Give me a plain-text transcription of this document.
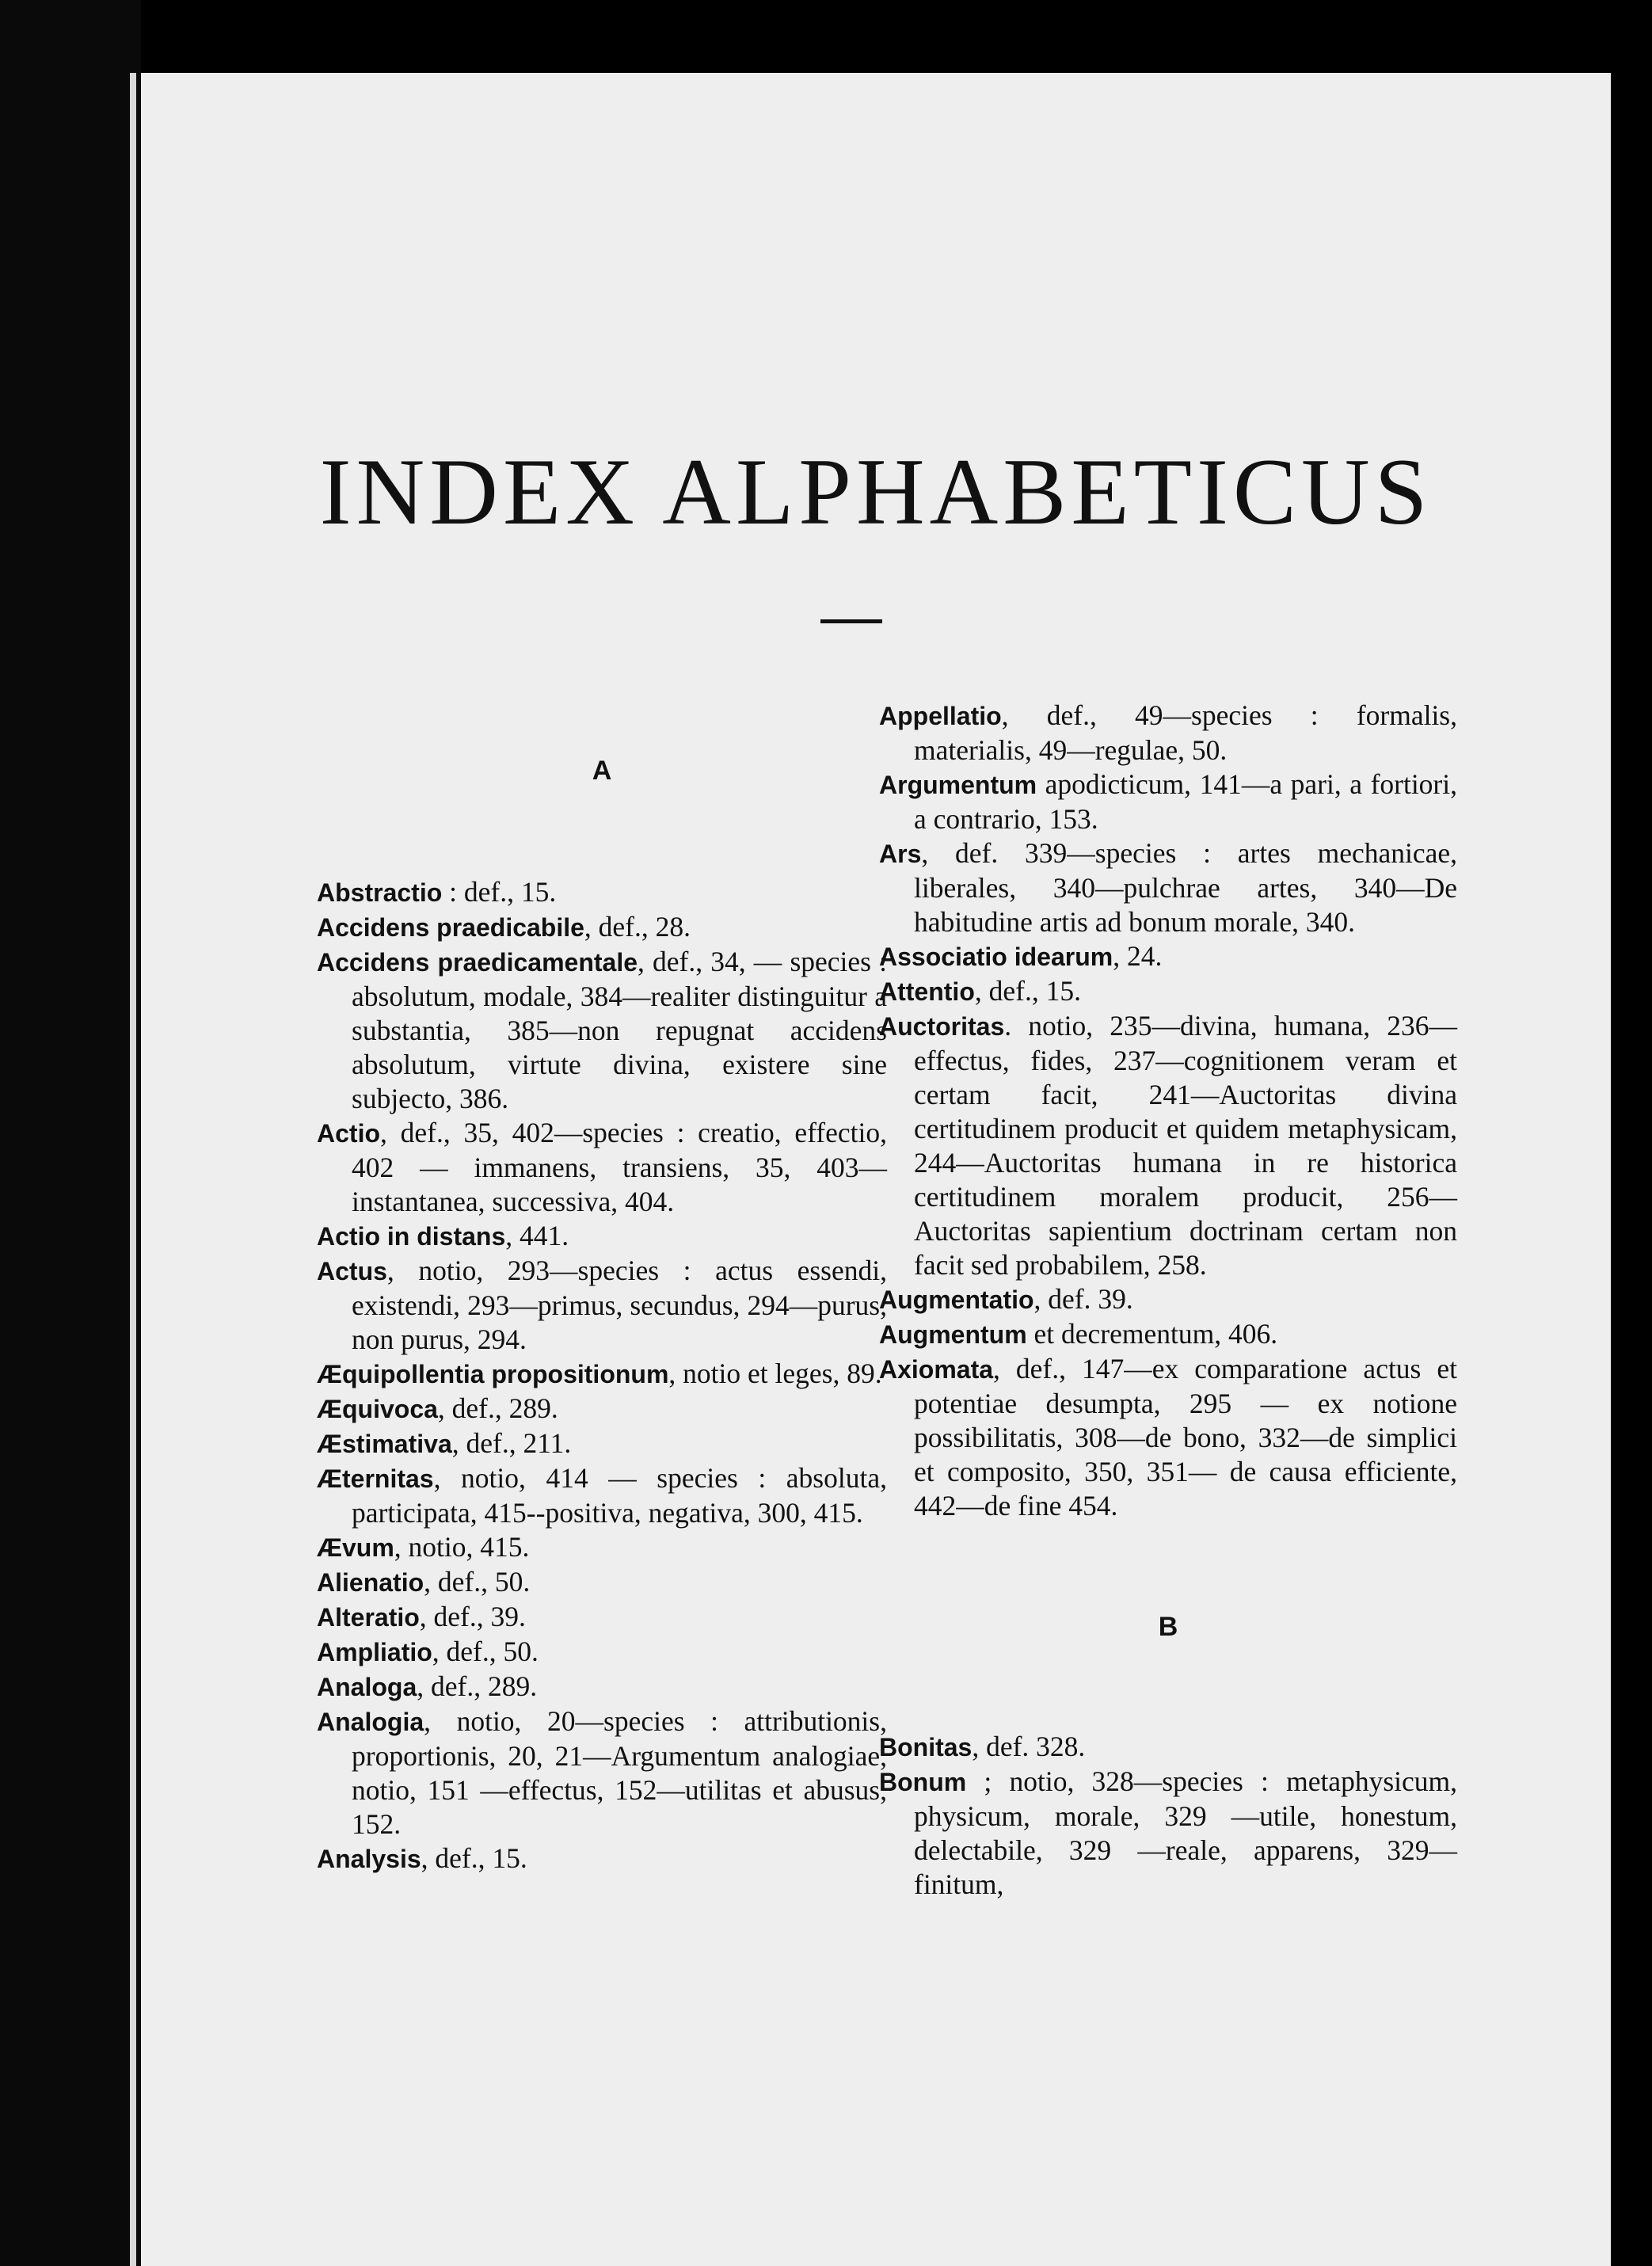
INDEX ALPHABETICUS
A
Abstractio : def., 15.
Accidens praedicabile, def., 28.
Accidens praedicamentale, def., 34, — species : absolutum, modale, 384—realiter distinguitur a substantia, 385—non repugnat accidens absolutum, virtute divina, existere sine subjecto, 386.
Actio, def., 35, 402—species : creatio, effectio, 402 — immanens, transiens, 35, 403—instantanea, successiva, 404.
Actio in distans, 441.
Actus, notio, 293—species : actus essendi, existendi, 293—primus, secundus, 294—purus, non purus, 294.
Æquipollentia propositionum, notio et leges, 89.
Æquivoca, def., 289.
Æstimativa, def., 211.
Æternitas, notio, 414 — species : absoluta, participata, 415--positiva, negativa, 300, 415.
Ævum, notio, 415.
Alienatio, def., 50.
Alteratio, def., 39.
Ampliatio, def., 50.
Analoga, def., 289.
Analogia, notio, 20—species : attributionis, proportionis, 20, 21—Argumentum analogiae, notio, 151 —effectus, 152—utilitas et abusus, 152.
Analysis, def., 15.
Appellatio, def., 49—species : formalis, materialis, 49—regulae, 50.
Argumentum apodicticum, 141—a pari, a fortiori, a contrario, 153.
Ars, def. 339—species : artes mechanicae, liberales, 340—pulchrae artes, 340—De habitudine artis ad bonum morale, 340.
Associatio idearum, 24.
Attentio, def., 15.
Auctoritas. notio, 235—divina, humana, 236—effectus, fides, 237—cognitionem veram et certam facit, 241—Auctoritas divina certitudinem producit et quidem metaphysicam, 244—Auctoritas humana in re historica certitudinem moralem producit, 256—Auctoritas sapientium doctrinam certam non facit sed probabilem, 258.
Augmentatio, def. 39.
Augmentum et decrementum, 406.
Axiomata, def., 147—ex comparatione actus et potentiae desumpta, 295 — ex notione possibilitatis, 308—de bono, 332—de simplici et composito, 350, 351— de causa efficiente, 442—de fine 454.
B
Bonitas, def. 328.
Bonum ; notio, 328—species : metaphysicum, physicum, morale, 329 —utile, honestum, delectabile, 329 —reale, apparens, 329—finitum,
